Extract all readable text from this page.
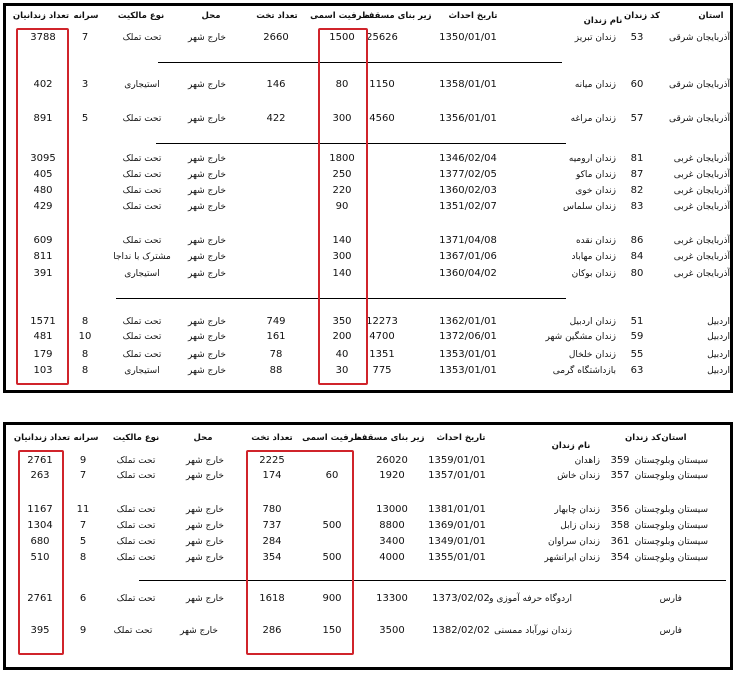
استان
کد زندان
نام زندان
تاریخ احداث
زیر بنای مسقف
ظرفیت اسمی
تعداد تخت
محل
نوع مالکیت
سرانه
تعداد زندانیان
آذربایجان شرقی
53
زندان تبریز
1350/01/01
25626
1500
2660
خارج شهر
تحت تملک
7
3788
آذربایجان شرقی
60
زندان میانه
1358/01/01
1150
80
146
خارج شهر
استیجاری
3
402
آذربایجان شرقی
57
زندان مراغه
1356/01/01
4560
300
422
خارج شهر
تحت تملک
5
891
آذربایجان غربی
81
زندان ارومیه
1346/02/04
1800
خارج شهر
تحت تملک
3095
آذربایجان غربی
87
زندان ماکو
1377/02/05
250
خارج شهر
تحت تملک
405
آذربایجان غربی
82
زندان خوی
1360/02/03
220
خارج شهر
تحت تملک
480
آذربایجان غربی
83
زندان سلماس
1351/02/07
90
خارج شهر
تحت تملک
429
آذربایجان غربی
86
زندان نقده
1371/04/08
140
خارج شهر
تحت تملک
609
آذربایجان غربی
84
زندان مهاباد
1367/01/06
300
خارج شهر
مشترک با نداجا
811
آذربایجان غربی
80
زندان بوکان
1360/04/02
140
خارج شهر
استیجاری
391
اردبیل
51
زندان اردبیل
1362/01/01
12273
350
749
خارج شهر
تحت تملک
8
1571
اردبیل
59
زندان مشگین شهر
1372/06/01
4700
200
161
خارج شهر
تحت تملک
10
481
اردبیل
55
زندان خلخال
1353/01/01
1351
40
78
خارج شهر
تحت تملک
8
179
اردبیل
63
بازداشتگاه گرمی
1353/01/01
775
30
88
خارج شهر
استیجاری
8
103
استان
کد زندان
نام زندان
تاریخ احداث
زیر بنای مسقف
ظرفیت اسمی
تعداد تخت
محل
نوع مالکیت
سرانه
تعداد زندانیان
سیستان وبلوچستان
359
زاهدان
1359/01/01
26020
2225
خارج شهر
تحت تملک
9
2761
سیستان وبلوچستان
357
زندان خاش
1357/01/01
1920
60
174
خارج شهر
تحت تملک
7
263
سیستان وبلوچستان
356
زندان چابهار
1381/01/01
13000
780
خارج شهر
تحت تملک
11
1167
سیستان وبلوچستان
358
زندان زابل
1369/01/01
8800
500
737
خارج شهر
تحت تملک
7
1304
سیستان وبلوچستان
361
زندان سراوان
1349/01/01
3400
284
خارج شهر
تحت تملک
5
680
سیستان وبلوچستان
354
زندان ایرانشهر
1355/01/01
4000
500
354
خارج شهر
تحت تملک
8
510
فارس
اردوگاه حرفه آموزی و
1373/02/02
13300
900
1618
خارج شهر
تحت تملک
6
2761
فارس
زندان نورآباد ممسنی
1382/02/02
3500
150
286
خارج شهر
تحت تملک
9
395
